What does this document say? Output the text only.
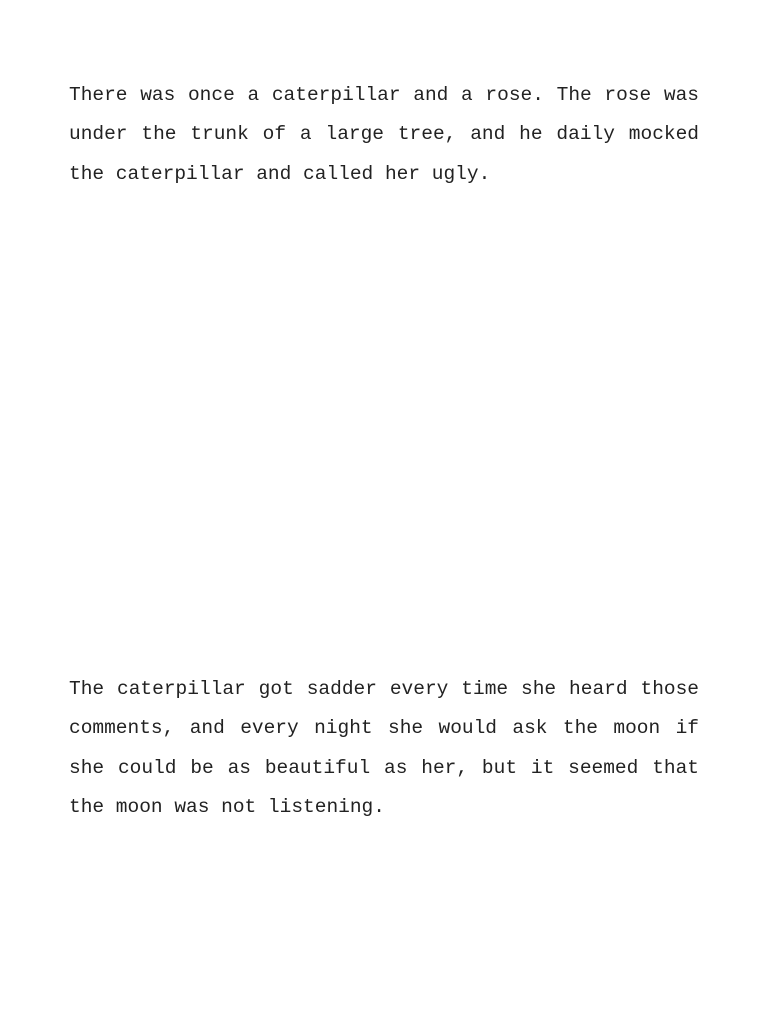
There was once a caterpillar and a rose. The rose was under the trunk of a large tree, and he daily mocked the caterpillar and called her ugly.

The caterpillar got sadder every time she heard those comments, and every night she would ask the moon if she could be as beautiful as her, but it seemed that the moon was not listening.
